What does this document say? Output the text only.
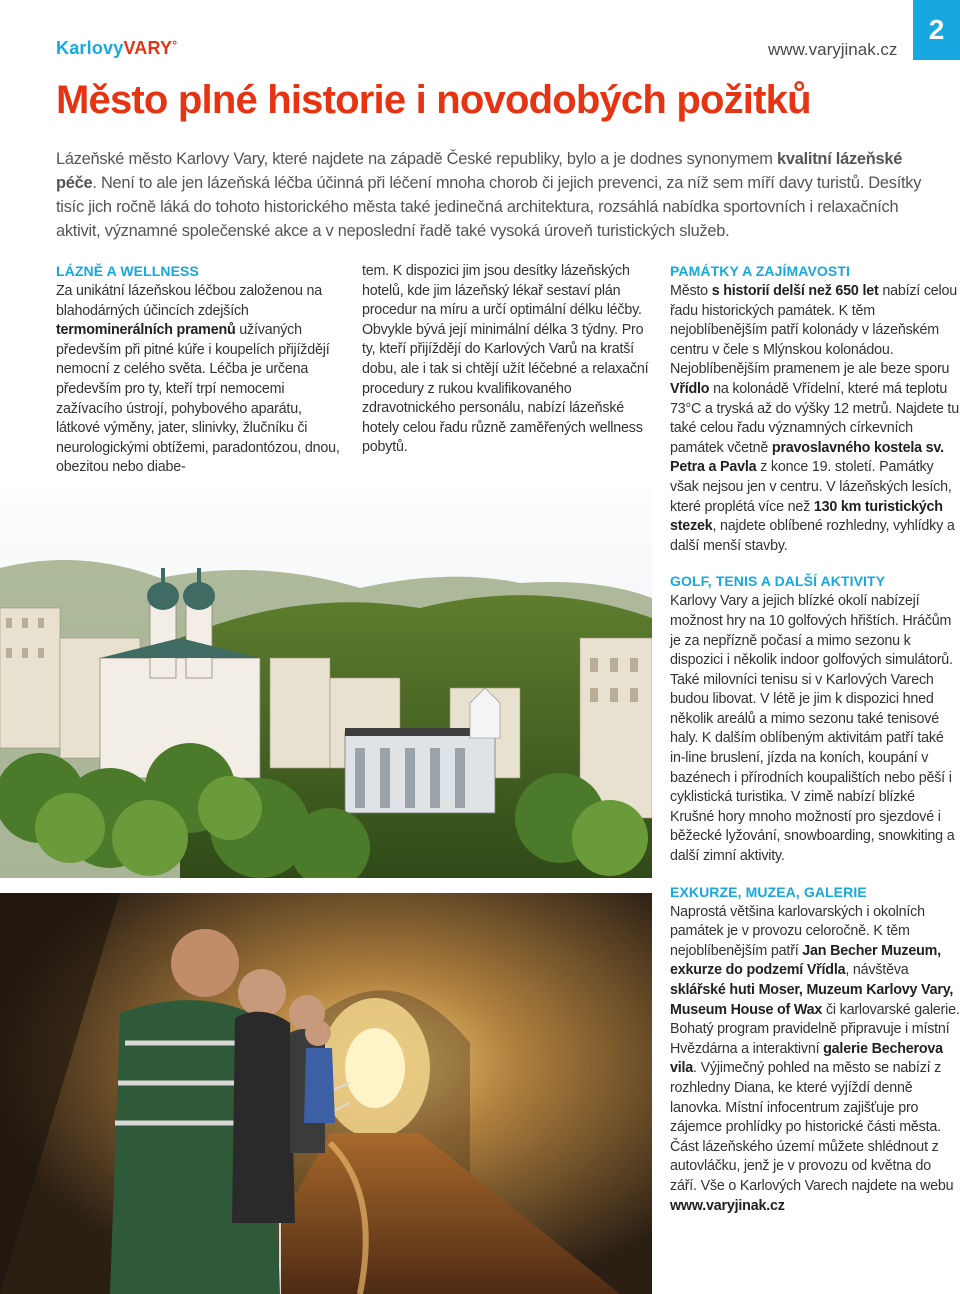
KarlovyVARY°	www.varyjinak.cz
2
Město plné historie i novodobých požitků

Lázeňské město Karlovy Vary, které najdete na západě České republiky, bylo a je dodnes synonymem kvalitní lázeňské péče. Není to ale jen lázeňská léčba účinná při léčení mnoha chorob či jejich prevenci, za níž sem míří davy turistů. Desítky tisíc jich ročně láká do tohoto historického města také jedinečná architektura, rozsáhlá nabídka sportovních i relaxačních aktivit, významné společenské akce a v neposlední řadě také vysoká úroveň turistických služeb.

LÁZNĚ A WELLNESS

Za unikátní lázeňskou léčbou založenou na blahodárných účincích zdejších termominerálních pramenů užívaných především při pitné kúře i koupelích přijíždějí nemocní z celého světa. Léčba je určena především pro ty, kteří trpí nemocemi zažívacího ústrojí, pohybového aparátu, látkové výměny, jater, slinivky, žlučníku či neurologickými obtížemi, paradontózou, dnou, obezitou nebo diabe-

tem. K dispozici jim jsou desítky lázeňských hotelů, kde jim lázeňský lékař sestaví plán procedur na míru a určí optimální délku léčby. Obvykle bývá její minimální délka 3 týdny. Pro ty, kteří přijíždějí do Karlových Varů na kratší dobu, ale i tak si chtějí užít léčebné a relaxační procedury z rukou kvalifikovaného zdravotnického personálu, nabízí lázeňské hotely celou řadu různě zaměřených wellness pobytů.

PAMÁTKY A ZAJÍMAVOSTI

Město s historií delší než 650 let nabízí celou řadu historických památek. K těm nejoblíbenějším patří kolonády v lázeňském centru v čele s Mlýnskou kolonádou. Nejoblíbenějším pramenem je ale beze sporu Vřídlo na kolonádě Vřídelní, které má teplotu 73°C a tryská až do výšky 12 metrů. Najdete tu také celou řadu významných církevních památek včetně pravoslavného kostela sv. Petra a Pavla z konce 19. století. Památky však nejsou jen v centru. V lázeňských lesích, které proplétá více než 130 km turistických stezek, najdete oblíbené rozhledny, vyhlídky a další menší stavby.

GOLF, TENIS A DALŠÍ AKTIVITY

Karlovy Vary a jejich blízké okolí nabízejí možnost hry na 10 golfových hřištích. Hráčům je za nepřízně počasí a mimo sezonu k dispozici i několik indoor golfových simulátorů. Také milovníci tenisu si v Karlových Varech budou libovat. V létě je jim k dispozici hned několik areálů a mimo sezonu také tenisové haly. K dalším oblíbeným aktivitám patří také in-line bruslení, jízda na koních, koupání v bazénech i přírodních koupalištích nebo pěší i cyklistická turistika. V zimě nabízí blízké Krušné hory mnoho možností pro sjezdové i běžecké lyžování, snowboarding, snowkiting a další zimní aktivity.

EXKURZE, MUZEA, GALERIE

Naprostá většina karlovarských i okolních památek je v provozu celoročně. K těm nejoblíbenějším patří Jan Becher Muzeum, exkurze do podzemí Vřídla, návštěva sklářské huti Moser, Muzeum Karlovy Vary, Museum House of Wax či karlovarské galerie. Bohatý program pravidelně připravuje i místní Hvězdárna a interaktivní galerie Becherova vila. Výjimečný pohled na město se nabízí z rozhledny Diana, ke které vyjíždí denně lanovka. Místní infocentrum zajišťuje pro zájemce prohlídky po historické části města. Část lázeňského území můžete shlédnout z autovláčku, jenž je v provozu od května do září. Vše o Karlových Varech najdete na webu www.varyjinak.cz
